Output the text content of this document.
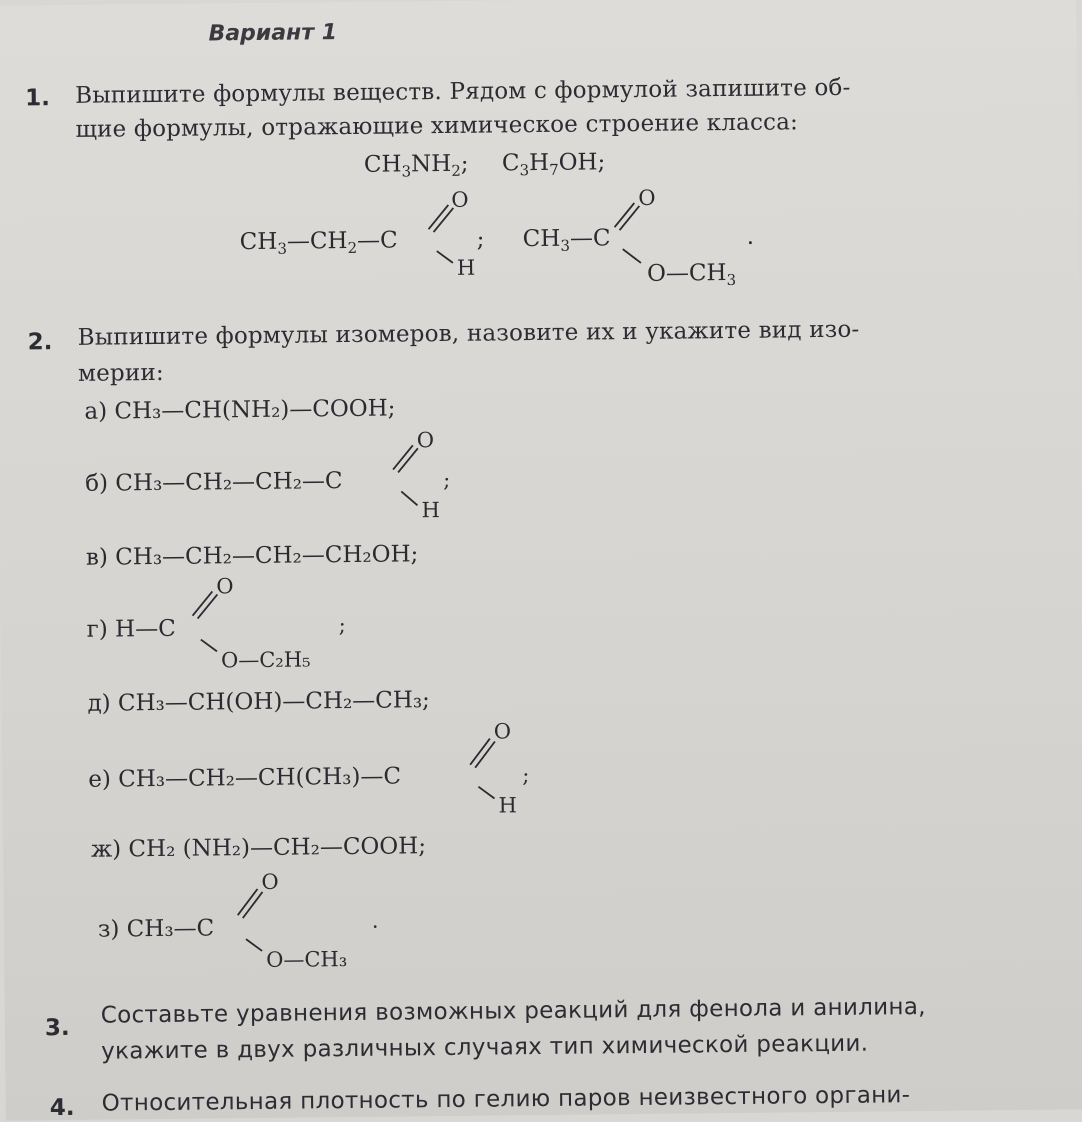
Вариант 1
1. Выпишите формулы веществ. Рядом с формулой запишите об-
щие формулы, отражающие химическое строение класса:
$CH_3NH_2$; $C_3H_7OH$;
$CH_3—CH_2—C$
O
H
; $CH_3—C$
O
$O—CH_3$
.
2. Выпишите формулы изомеров, назовите их и укажите вид изо-
мерии:
а) CH₃—CH(NH₂)—COOH;
б) CH₃—CH₂—CH₂—C
O
H
;
в) CH₃—CH₂—CH₂—CH₂OH;
г) H—C
O
O—C₂H₅
;
д) CH₃—CH(OH)—CH₂—CH₃;
е) CH₃—CH₂—CH(CH₃)—C
O
H
;
ж) CH₂ (NH₂)—CH₂—COOH;
з) CH₃—C
O
O—CH₃
.
3. Составьте уравнения возможных реакций для фенола и анилина,
укажите в двух различных случаях тип химической реакции.
4. Относительная плотность по гелию паров неизвестного органи-
